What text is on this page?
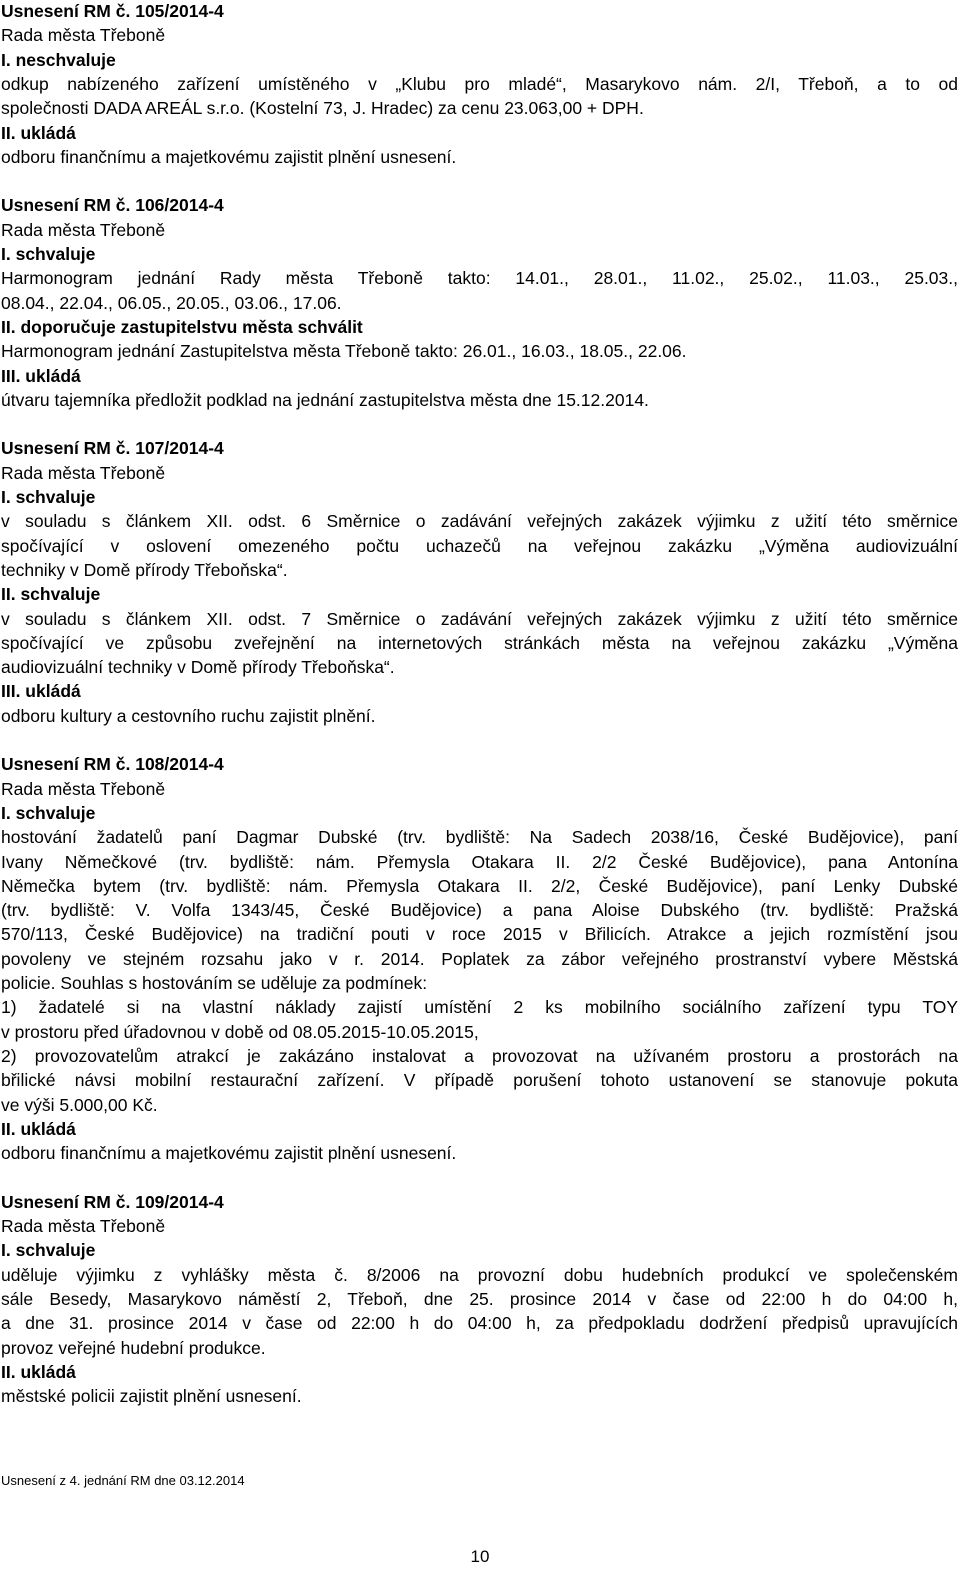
Usnesení RM č. 105/2014-4
Rada města Třeboně
I. neschvaluje
odkup nabízeného zařízení umístěného v „Klubu pro mladé“, Masarykovo nám. 2/I, Třeboň, a to od
společnosti DADA AREÁL s.r.o. (Kostelní 73, J. Hradec) za cenu 23.063,00 + DPH.
II. ukládá
odboru finančnímu a majetkovému zajistit plnění usnesení.
Usnesení RM č. 106/2014-4
Rada města Třeboně
I. schvaluje
Harmonogram jednání Rady města Třeboně takto: 14.01., 28.01., 11.02., 25.02., 11.03., 25.03.,
08.04., 22.04., 06.05., 20.05., 03.06., 17.06.
II. doporučuje zastupitelstvu města schválit
Harmonogram jednání Zastupitelstva města Třeboně takto: 26.01., 16.03., 18.05., 22.06.
III. ukládá
útvaru tajemníka předložit podklad na jednání zastupitelstva města dne 15.12.2014.
Usnesení RM č. 107/2014-4
Rada města Třeboně
I. schvaluje
v souladu s článkem XII. odst. 6 Směrnice o zadávání veřejných zakázek výjimku z užití této směrnice
spočívající v oslovení omezeného počtu uchazečů na veřejnou zakázku „Výměna audiovizuální
techniky v Domě přírody Třeboňska“.
II. schvaluje
v souladu s článkem XII. odst. 7 Směrnice o zadávání veřejných zakázek výjimku z užití této směrnice
spočívající ve způsobu zveřejnění na internetových stránkách města na veřejnou zakázku „Výměna
audiovizuální techniky v Domě přírody Třeboňska“.
III. ukládá
odboru kultury a cestovního ruchu zajistit plnění.
Usnesení RM č. 108/2014-4
Rada města Třeboně
I. schvaluje
hostování žadatelů paní Dagmar Dubské (trv. bydliště: Na Sadech 2038/16, České Budějovice), paní
Ivany Němečkové (trv. bydliště: nám. Přemysla Otakara II. 2/2 České Budějovice), pana Antonína
Němečka bytem (trv. bydliště: nám. Přemysla Otakara II. 2/2, České Budějovice), paní Lenky Dubské
(trv. bydliště: V. Volfa 1343/45, České Budějovice) a pana Aloise Dubského (trv. bydliště: Pražská
570/113, České Budějovice) na tradiční pouti v roce 2015 v Břilicích. Atrakce a jejich rozmístění jsou
povoleny ve stejném rozsahu jako v r. 2014. Poplatek za zábor veřejného prostranství vybere Městská
policie. Souhlas s hostováním se uděluje za podmínek:
1) žadatelé si na vlastní náklady zajistí umístění 2 ks mobilního sociálního zařízení typu TOY
v prostoru před úřadovnou v době od 08.05.2015-10.05.2015,
2) provozovatelům atrakcí je zakázáno instalovat a provozovat na užívaném prostoru a prostorách na
břilické návsi mobilní restaurační zařízení. V případě porušení tohoto ustanovení se stanovuje pokuta
ve výši 5.000,00 Kč.
II. ukládá
odboru finančnímu a majetkovému zajistit plnění usnesení.
Usnesení RM č. 109/2014-4
Rada města Třeboně
I. schvaluje
uděluje výjimku z vyhlášky města č. 8/2006 na provozní dobu hudebních produkcí ve společenském
sále Besedy, Masarykovo náměstí 2, Třeboň, dne 25. prosince 2014 v čase od 22:00 h do 04:00 h,
a dne 31. prosince 2014 v čase od 22:00 h do 04:00 h, za předpokladu dodržení předpisů upravujících
provoz veřejné hudební produkce.
II. ukládá
městské policii zajistit plnění usnesení.
Usnesení z 4. jednání RM dne 03.12.2014
10
